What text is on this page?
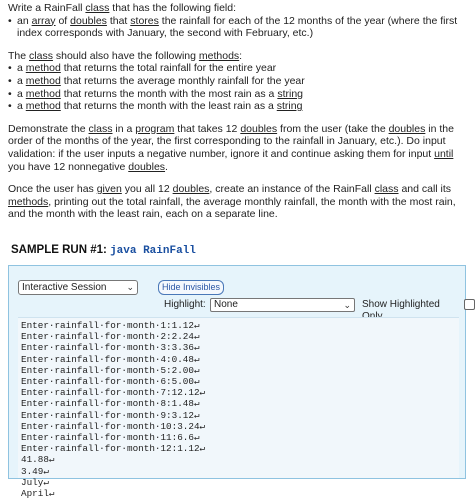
Write a RainFall class that has the following field:

• an array of doubles that stores the rainfall for each of the 12 months of the year (where the first index corresponds with January, the second with February, etc.)

The class should also have the following methods:

• a method that returns the total rainfall for the entire year
• a method that returns the average monthly rainfall for the year
• a method that returns the month with the most rain as a string
• a method that returns the month with the least rain as a string

Demonstrate the class in a program that takes 12 doubles from the user (take the doubles in the order of the months of the year, the first corresponding to the rainfall in January, etc.). Do input validation: if the user inputs a negative number, ignore it and continue asking them for input until you have 12 nonnegative doubles.

Once the user has given you all 12 doubles, create an instance of the RainFall class and call its methods, printing out the total rainfall, the average monthly rainfall, the month with the most rain, and the month with the least rain, each on a separate line.

SAMPLE RUN #1: java RainFall
Interactive Session ⌄	Hide Invisibles
Highlight: None	⌄ Show Highlighted
Enter·rainfall·for·month·1:1.12↵
Enter·rainfall·for·month·2:2.24↵
Enter·rainfall·for·month·3:3.36↵
Enter·rainfall·for·month·4:0.48↵
Enter·rainfall·for·month·5:2.00↵
Enter·rainfall·for·month·6:5.00↵
Enter·rainfall·for·month·7:12.12↵
Enter·rainfall·for·month·8:1.48↵
Enter·rainfall·for·month·9:3.12↵
Enter·rainfall·for·month·10:3.24↵
Enter·rainfall·for·month·11:6.6↵
Enter·rainfall·for·month·12:1.12↵
41.88↵
3.49↵
July↵
April↵
